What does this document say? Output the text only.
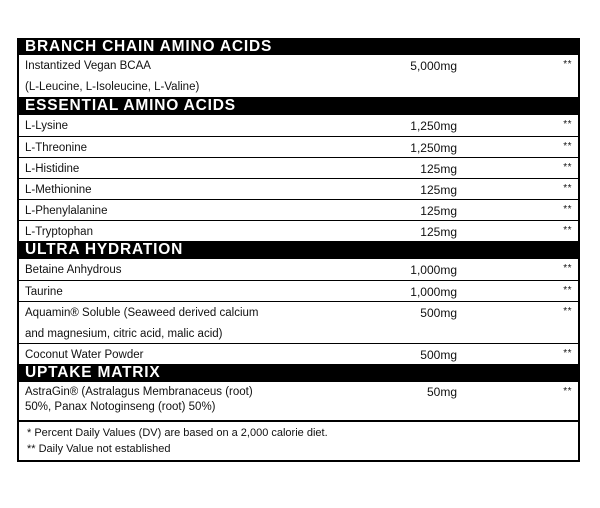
BRANCH CHAIN AMINO ACIDS
Instantized Vegan BCAA
(L-Leucine, L-Isoleucine, L-Valine)
5,000mg	**
ESSENTIAL AMINO ACIDS
L-Lysine	1,250mg	**
L-Threonine	1,250mg	**
L-Histidine	125mg	**
L-Methionine	125mg	**
L-Phenylalanine	125mg	**
L-Tryptophan	125mg	**
ULTRA HYDRATION
Betaine Anhydrous	1,000mg	**
Taurine	1,000mg	**
Aquamin® Soluble (Seaweed derived calcium
and magnesium, citric acid, malic acid)
500mg	**
Coconut Water Powder	500mg	**
UPTAKE MATRIX
AstraGin® (Astralagus Membranaceus (root)
50%, Panax Notoginseng (root) 50%)
50mg	**
* Percent Daily Values (DV) are based on a 2,000 calorie diet.
** Daily Value not established
